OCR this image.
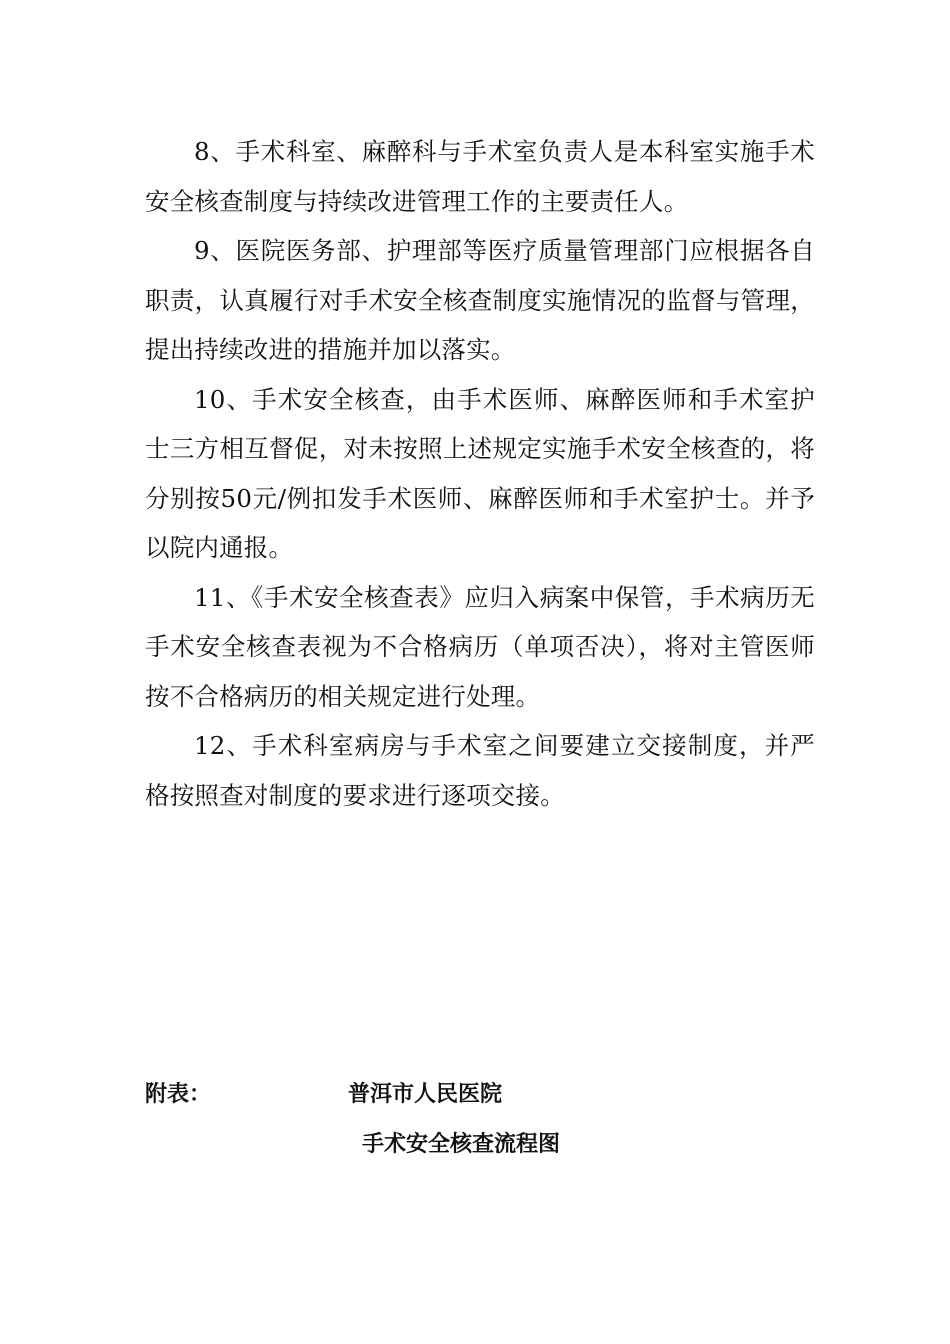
8、手术科室、麻醉科与手术室负责人是本科室实施手术安全核查制度与持续改进管理工作的主要责任人。

9、医院医务部、护理部等医疗质量管理部门应根据各自职责，认真履行对手术安全核查制度实施情况的监督与管理，提出持续改进的措施并加以落实。

10、手术安全核查，由手术医师、麻醉医师和手术室护士三方相互督促，对未按照上述规定实施手术安全核查的，将分别按50元/例扣发手术医师、麻醉医师和手术室护士。并予以院内通报。

11、《手术安全核查表》应归入病案中保管，手术病历无手术安全核查表视为不合格病历（单项否决），将对主管医师按不合格病历的相关规定进行处理。

12、手术科室病房与手术室之间要建立交接制度，并严格按照查对制度的要求进行逐项交接。

附表：	普洱市人民医院
手术安全核查流程图
